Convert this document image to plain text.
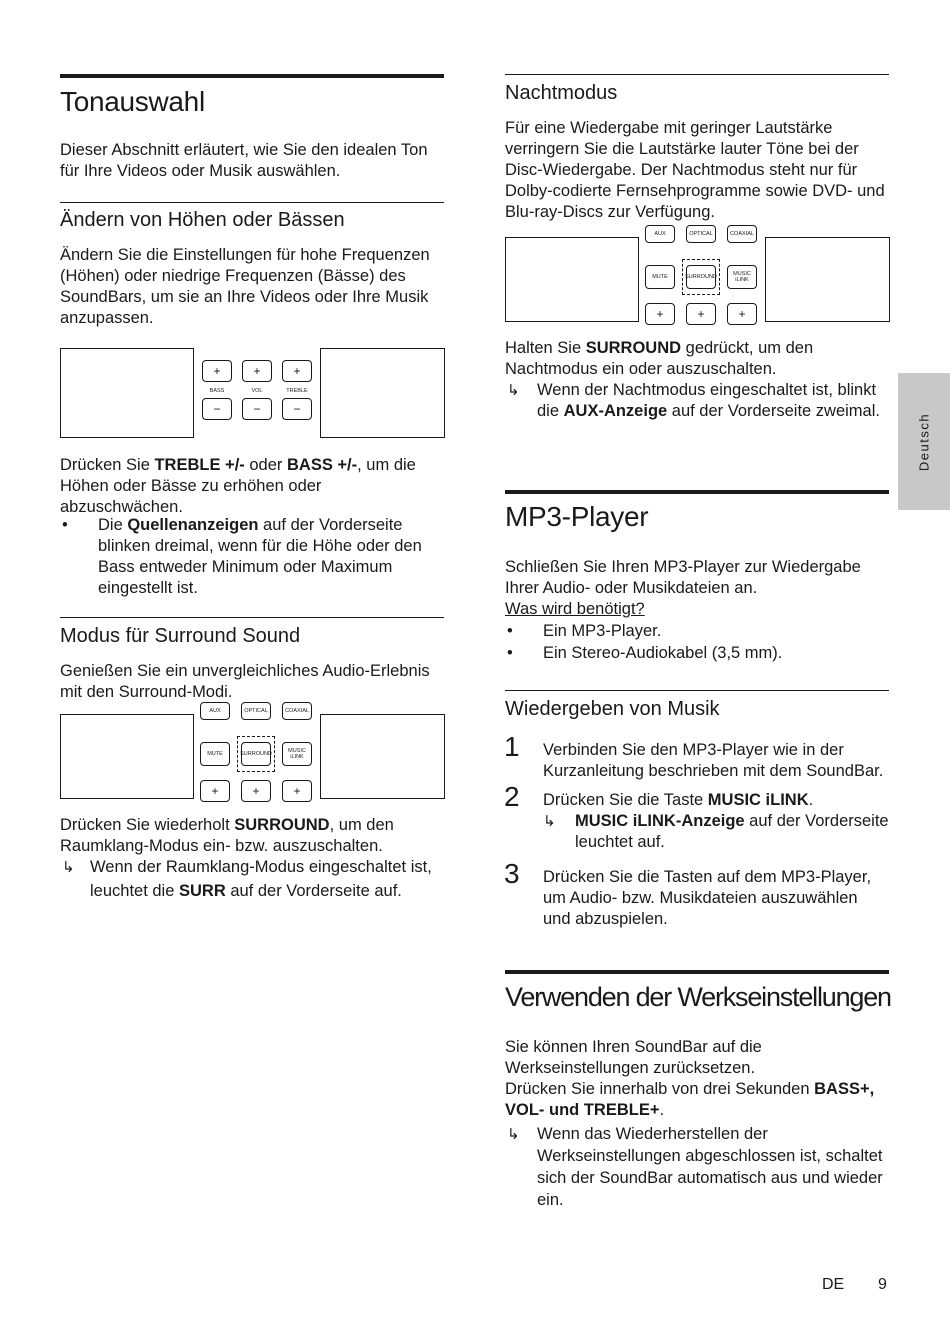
Tonauswahl

Dieser Abschnitt erläutert, wie Sie den idealen Ton für Ihre Videos oder Musik auswählen.

Ändern von Höhen oder Bässen

Ändern Sie die Einstellungen für hohe Frequenzen (Höhen) oder niedrige Frequenzen (Bässe) des SoundBars, um sie an Ihre Videos oder Ihre Musik anzupassen.

+	+	+
BASS	VOL	TREBLE
−	−	−

Drücken Sie TREBLE +/- oder BASS +/-, um die Höhen oder Bässe zu erhöhen oder abzuschwächen.

• Die Quellenanzeigen auf der Vorderseite blinken dreimal, wenn für die Höhe oder den Bass entweder Minimum oder Maximum eingestellt ist.
Modus für Surround Sound

Genießen Sie ein unvergleichliches Audio-Erlebnis mit den Surround-Modi.

AUX	OPTICAL	COAXIAL
MUTE	SURROUND	MUSIC iLINK
+	+	+

Drücken Sie wiederholt SURROUND, um den Raumklang-Modus ein- bzw. auszuschalten.

↳ Wenn der Raumklang-Modus eingeschaltet ist, leuchtet die SURR auf der Vorderseite auf.
Nachtmodus

Für eine Wiedergabe mit geringer Lautstärke verringern Sie die Lautstärke lauter Töne bei der Disc-Wiedergabe. Der Nachtmodus steht nur für Dolby-codierte Fernsehprogramme sowie DVD- und Blu-ray-Discs zur Verfügung.

AUX	OPTICAL	COAXIAL
MUTE	SURROUND	MUSIC iLINK
+	+	+

Halten Sie SURROUND gedrückt, um den Nachtmodus ein oder auszuschalten.

↳ Wenn der Nachtmodus eingeschaltet ist, blinkt die AUX-Anzeige auf der Vorderseite zweimal.
MP3-Player

Schließen Sie Ihren MP3-Player zur Wiedergabe Ihrer Audio- oder Musikdateien an.

Was wird benötigt?

• Ein MP3-Player.
• Ein Stereo-Audiokabel (3,5 mm).
Wiedergeben von Musik
1 Verbinden Sie den MP3-Player wie in der Kurzanleitung beschrieben mit dem SoundBar.

2 Drücken Sie die Taste MUSIC iLINK.

↳ MUSIC iLINK-Anzeige auf der Vorderseite leuchtet auf.
3 Drücken Sie die Tasten auf dem MP3-Player, um Audio- bzw. Musikdateien auszuwählen und abzuspielen.

Verwenden der Werkseinstellungen

Sie können Ihren SoundBar auf die Werkseinstellungen zurücksetzen.

Drücken Sie innerhalb von drei Sekunden BASS+, VOL- und TREBLE+.

↳ Wenn das Wiederherstellen der Werkseinstellungen abgeschlossen ist, schaltet sich der SoundBar automatisch aus und wieder ein.
Deutsch
DE 9
